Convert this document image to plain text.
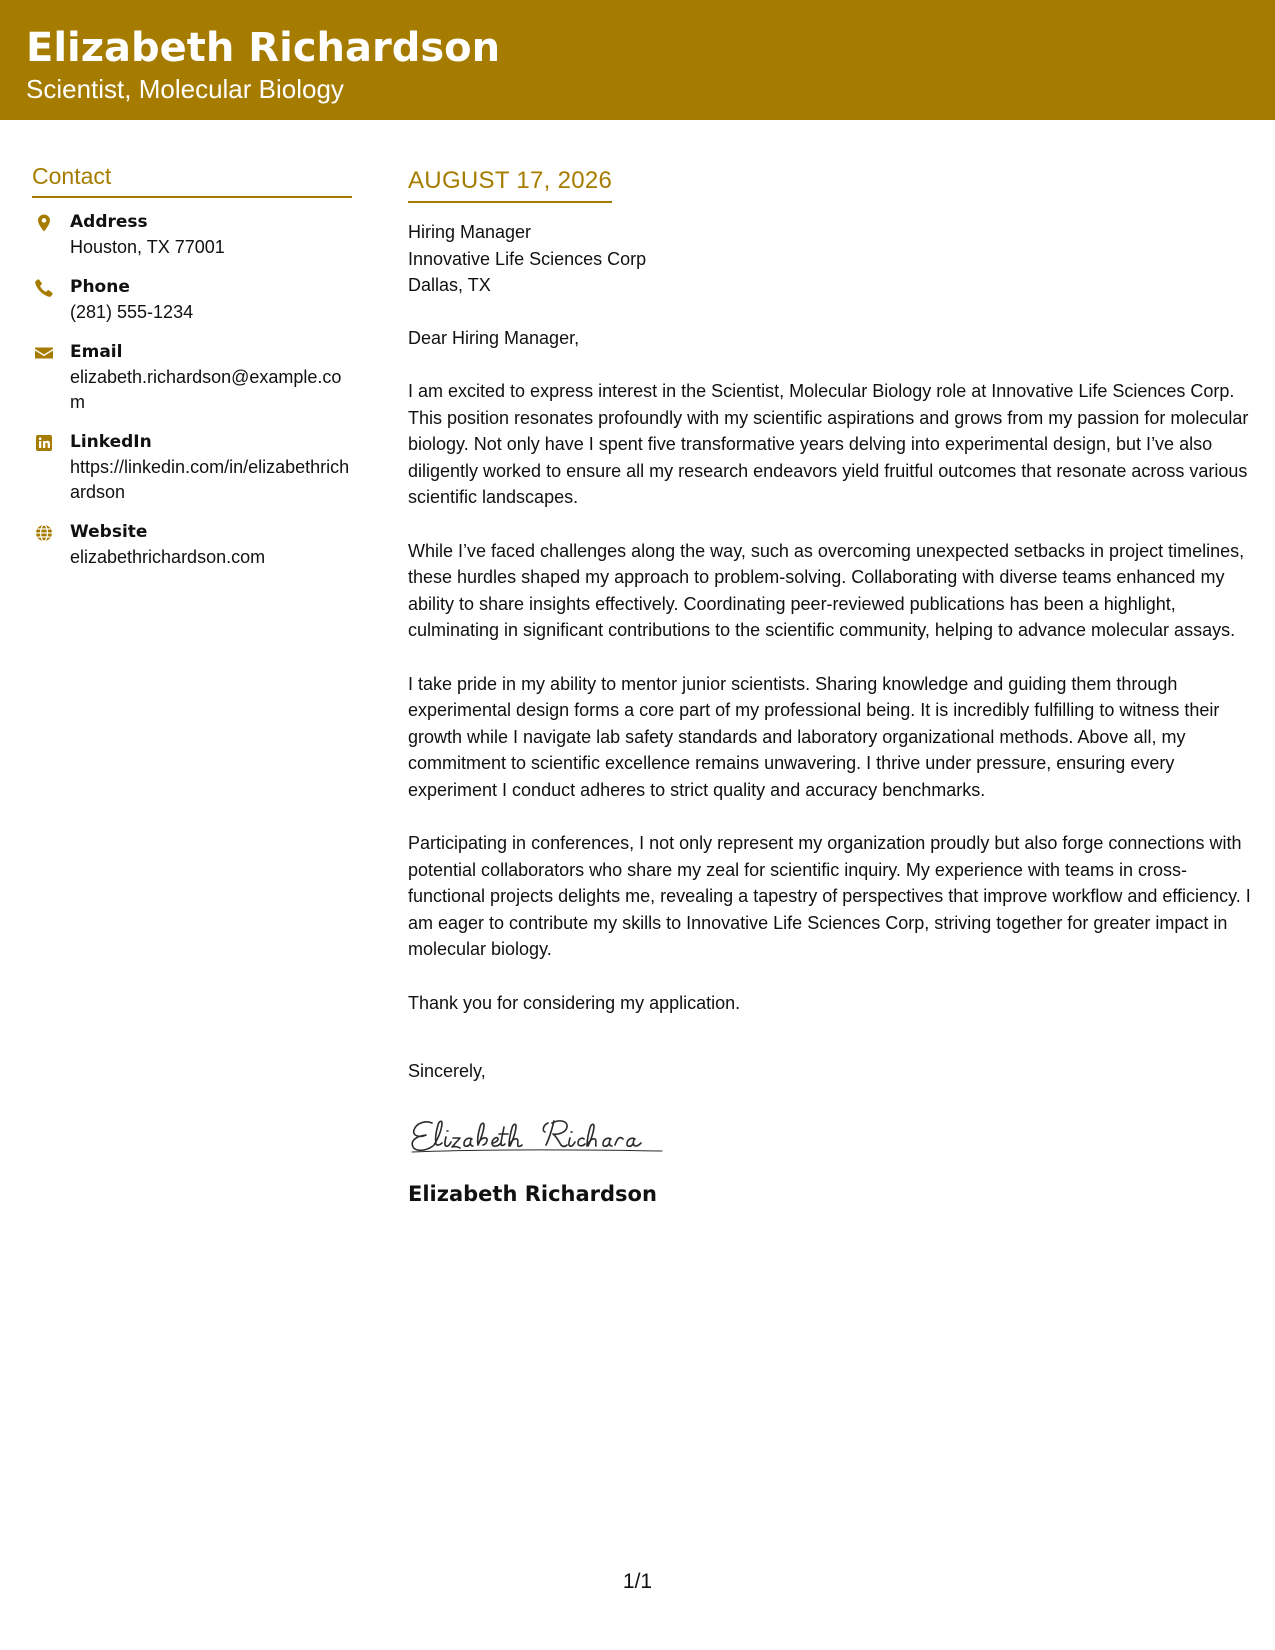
Elizabeth Richardson
Scientist, Molecular Biology
Contact
Address
Houston, TX 77001
Phone
(281) 555-1234
Email
elizabeth.richardson@example.com
LinkedIn
https://linkedin.com/in/elizabethrichardson
Website
elizabethrichardson.com
AUGUST 17, 2026
Hiring Manager
Innovative Life Sciences Corp
Dallas, TX

Dear Hiring Manager,

I am excited to express interest in the Scientist, Molecular Biology role at Innovative Life Sciences Corp. This position resonates profoundly with my scientific aspirations and grows from my passion for molecular biology. Not only have I spent five transformative years delving into experimental design, but I’ve also diligently worked to ensure all my research endeavors yield fruitful outcomes that resonate across various scientific landscapes.

While I’ve faced challenges along the way, such as overcoming unexpected setbacks in project timelines, these hurdles shaped my approach to problem-solving. Collaborating with diverse teams enhanced my ability to share insights effectively. Coordinating peer-reviewed publications has been a highlight, culminating in significant contributions to the scientific community, helping to advance molecular assays.

I take pride in my ability to mentor junior scientists. Sharing knowledge and guiding them through experimental design forms a core part of my professional being. It is incredibly fulfilling to witness their growth while I navigate lab safety standards and laboratory organizational methods. Above all, my commitment to scientific excellence remains unwavering. I thrive under pressure, ensuring every experiment I conduct adheres to strict quality and accuracy benchmarks.

Participating in conferences, I not only represent my organization proudly but also forge connections with potential collaborators who share my zeal for scientific inquiry. My experience with teams in cross-functional projects delights me, revealing a tapestry of perspectives that improve workflow and efficiency. I am eager to contribute my skills to Innovative Life Sciences Corp, striving together for greater impact in molecular biology.

Thank you for considering my application.

Sincerely,

Elizabeth Richardson
1/1
